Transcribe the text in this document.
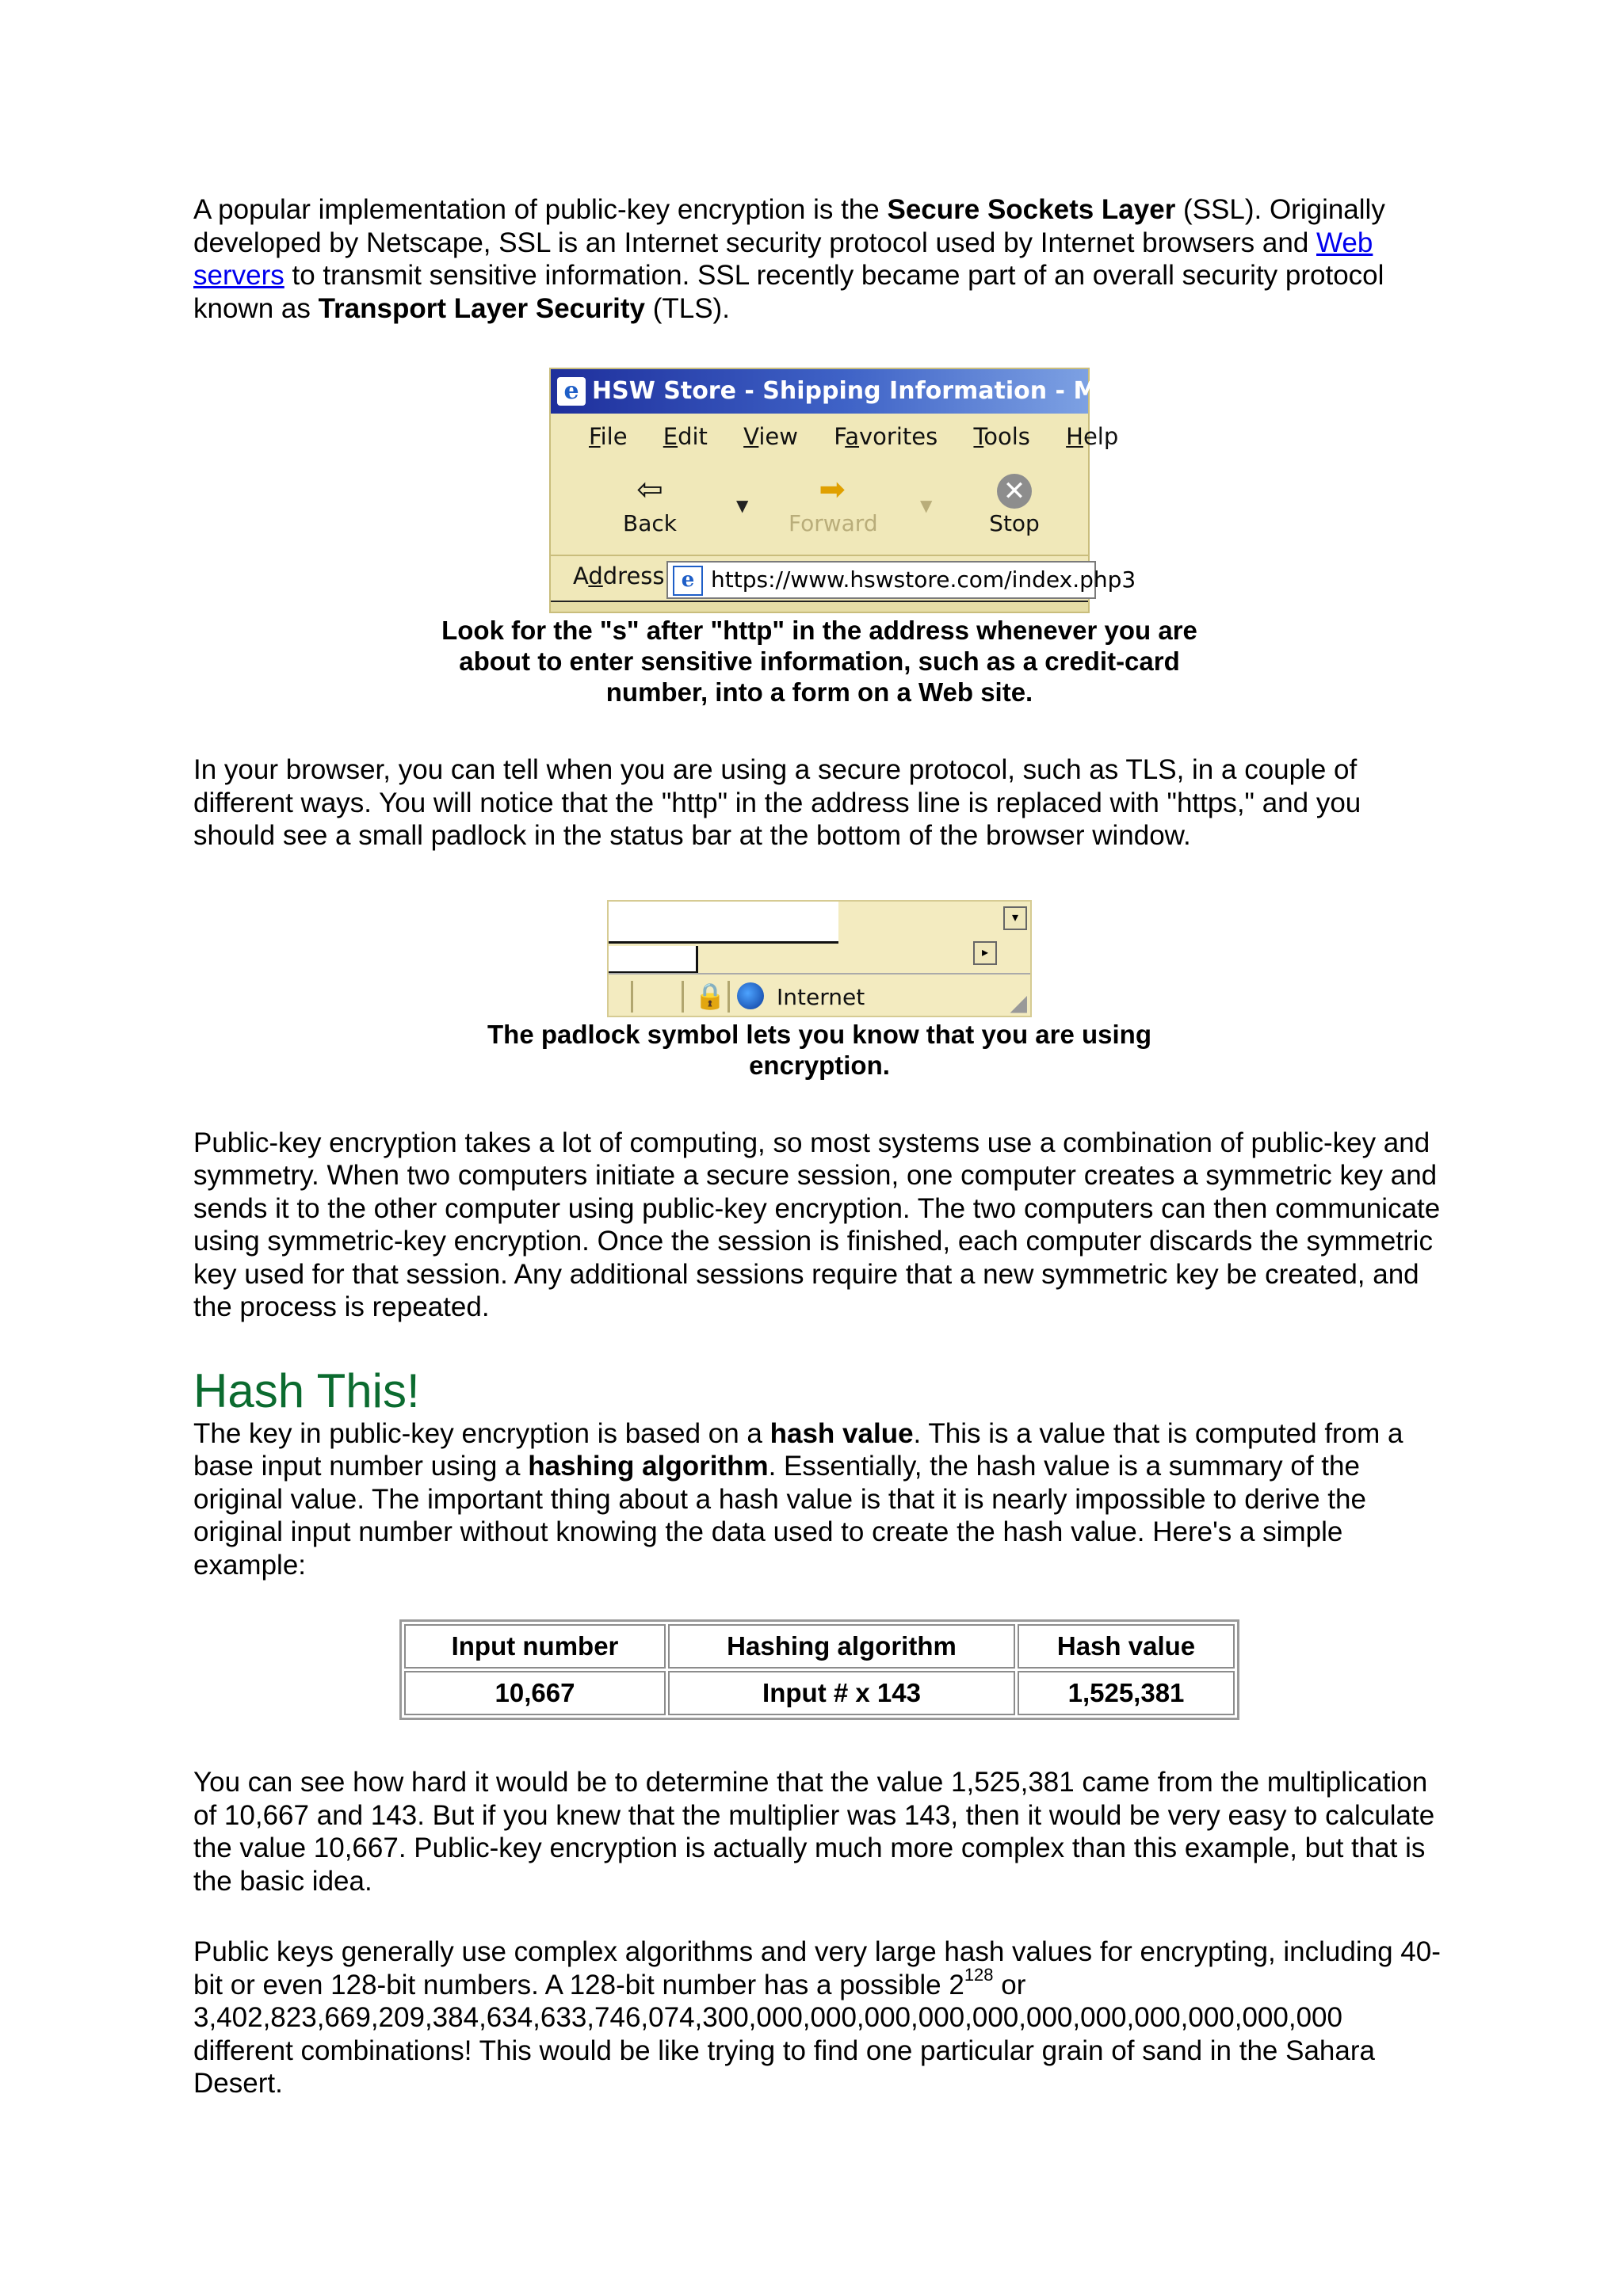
A popular implementation of public-key encryption is the Secure Sockets Layer (SSL). Originally developed by Netscape, SSL is an Internet security protocol used by Internet browsers and Web servers to transmit sensitive information. SSL recently became part of an overall security protocol known as Transport Layer Security (TLS).

e HSW Store - Shipping Information - Microsoft Internet Explorer
File Edit View Favorites Tools Help
⇦
Back
▼	➡
Forward
▼	✕
Stop
Address e https://www.hswstore.com/index.php3

Look for the "s" after "http" in the address whenever you are about to enter sensitive information, such as a credit-card number, into a form on a Web site.

In your browser, you can tell when you are using a secure protocol, such as TLS, in a couple of different ways. You will notice that the "http" in the address line is replaced with "https," and you should see a small padlock in the status bar at the bottom of the browser window.

▾
▸
🔒 Internet	◢

The padlock symbol lets you know that you are using encryption.

Public-key encryption takes a lot of computing, so most systems use a combination of public-key and symmetry. When two computers initiate a secure session, one computer creates a symmetric key and sends it to the other computer using public-key encryption. The two computers can then communicate using symmetric-key encryption. Once the session is finished, each computer discards the symmetric key used for that session. Any additional sessions require that a new symmetric key be created, and the process is repeated.

Hash This!

The key in public-key encryption is based on a hash value. This is a value that is computed from a base input number using a hashing algorithm. Essentially, the hash value is a summary of the original value. The important thing about a hash value is that it is nearly impossible to derive the original input number without knowing the data used to create the hash value. Here's a simple example:

Input number	Hashing algorithm	Hash value
10,667	Input # x 143	1,525,381

You can see how hard it would be to determine that the value 1,525,381 came from the multiplication of 10,667 and 143. But if you knew that the multiplier was 143, then it would be very easy to calculate the value 10,667. Public-key encryption is actually much more complex than this example, but that is the basic idea.

Public keys generally use complex algorithms and very large hash values for encrypting, including 40-bit or even 128-bit numbers. A 128-bit number has a possible $2^{128}$ or 3,402,823,669,209,384,634,633,746,074,300,000,000,000,000,000,000,000,000,000,000,000 different combinations! This would be like trying to find one particular grain of sand in the Sahara Desert.
